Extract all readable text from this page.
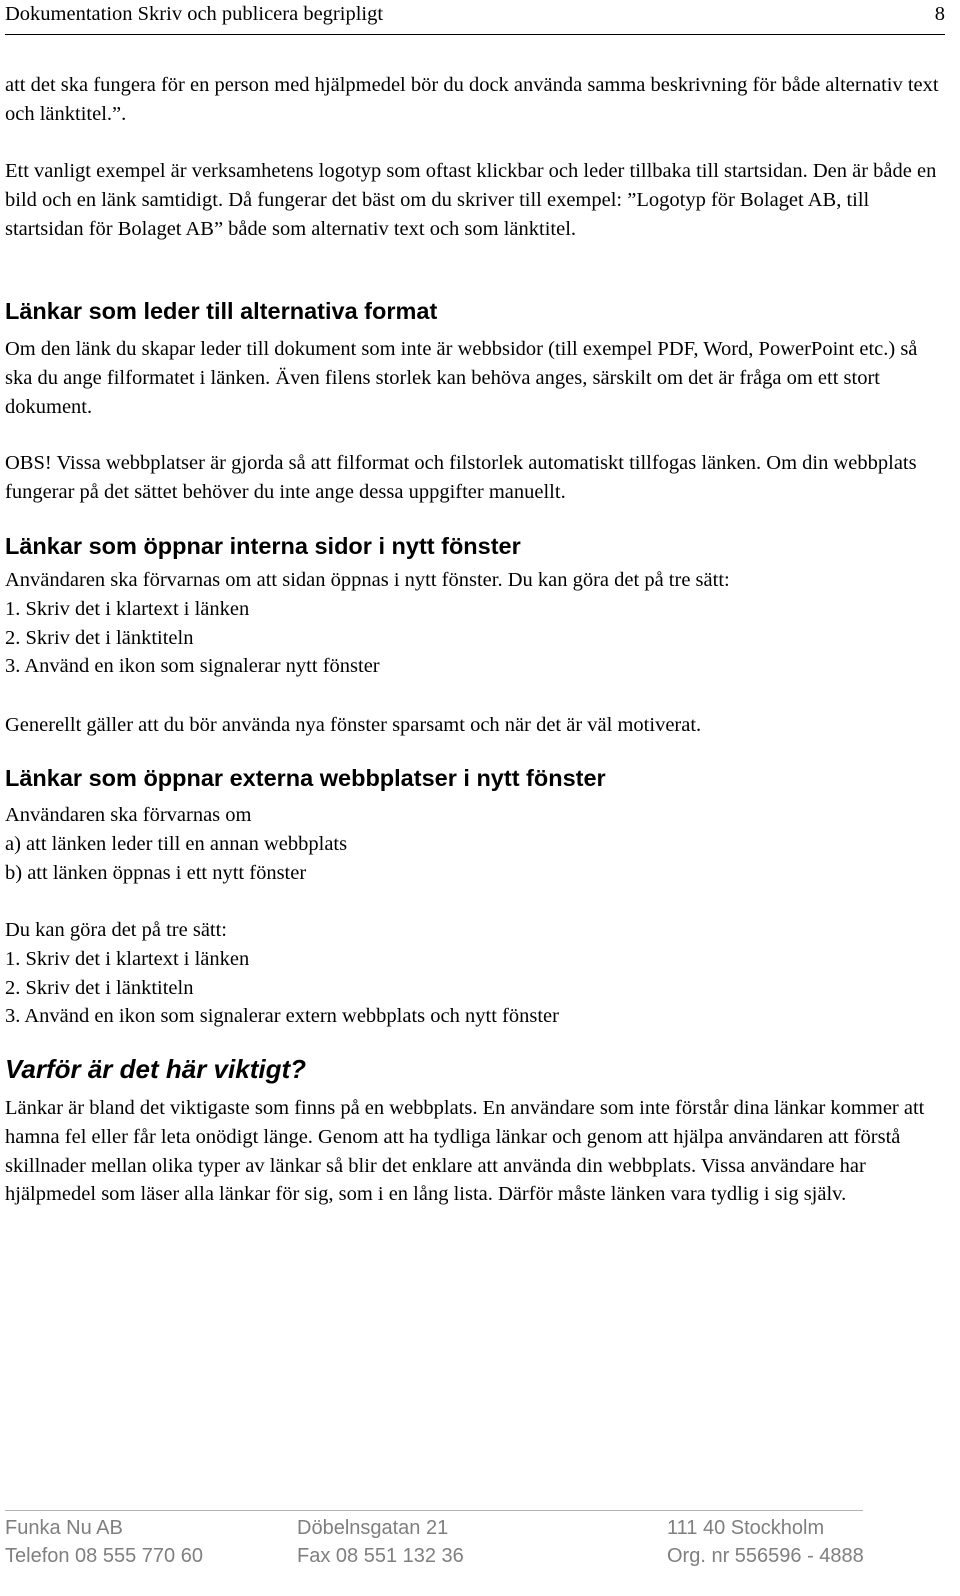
Dokumentation Skriv och publicera begripligt	8

att det ska fungera för en person med hjälpmedel bör du dock använda samma beskrivning för både alternativ text och länktitel.”.

Ett vanligt exempel är verksamhetens logotyp som oftast klickbar och leder tillbaka till startsidan. Den är både en bild och en länk samtidigt. Då fungerar det bäst om du skriver till exempel: ”Logotyp för Bolaget AB, till startsidan för Bolaget AB” både som alternativ text och som länktitel.

Länkar som leder till alternativa format

Om den länk du skapar leder till dokument som inte är webbsidor (till exempel PDF, Word, PowerPoint etc.) så ska du ange filformatet i länken. Även filens storlek kan behöva anges, särskilt om det är fråga om ett stort dokument.

OBS! Vissa webbplatser är gjorda så att filformat och filstorlek automatiskt tillfogas länken. Om din webbplats fungerar på det sättet behöver du inte ange dessa uppgifter manuellt.

Länkar som öppnar interna sidor i nytt fönster

Användaren ska förvarnas om att sidan öppnas i nytt fönster. Du kan göra det på tre sätt:

1. Skriv det i klartext i länken

2. Skriv det i länktiteln

3. Använd en ikon som signalerar nytt fönster

Generellt gäller att du bör använda nya fönster sparsamt och när det är väl motiverat.

Länkar som öppnar externa webbplatser i nytt fönster

Användaren ska förvarnas om

a) att länken leder till en annan webbplats

b) att länken öppnas i ett nytt fönster

Du kan göra det på tre sätt:

1. Skriv det i klartext i länken

2. Skriv det i länktiteln

3. Använd en ikon som signalerar extern webbplats och nytt fönster

Varför är det här viktigt?

Länkar är bland det viktigaste som finns på en webbplats. En användare som inte förstår dina länkar kommer att hamna fel eller får leta onödigt länge. Genom att ha tydliga länkar och genom att hjälpa användaren att förstå skillnader mellan olika typer av länkar så blir det enklare att använda din webbplats. Vissa användare har hjälpmedel som läser alla länkar för sig, som i en lång lista. Därför måste länken vara tydlig i sig själv.

Funka Nu AB
Telefon 08 555 770 60
Döbelnsgatan 21
Fax 08 551 132 36
111 40 Stockholm
Org. nr 556596 - 4888
